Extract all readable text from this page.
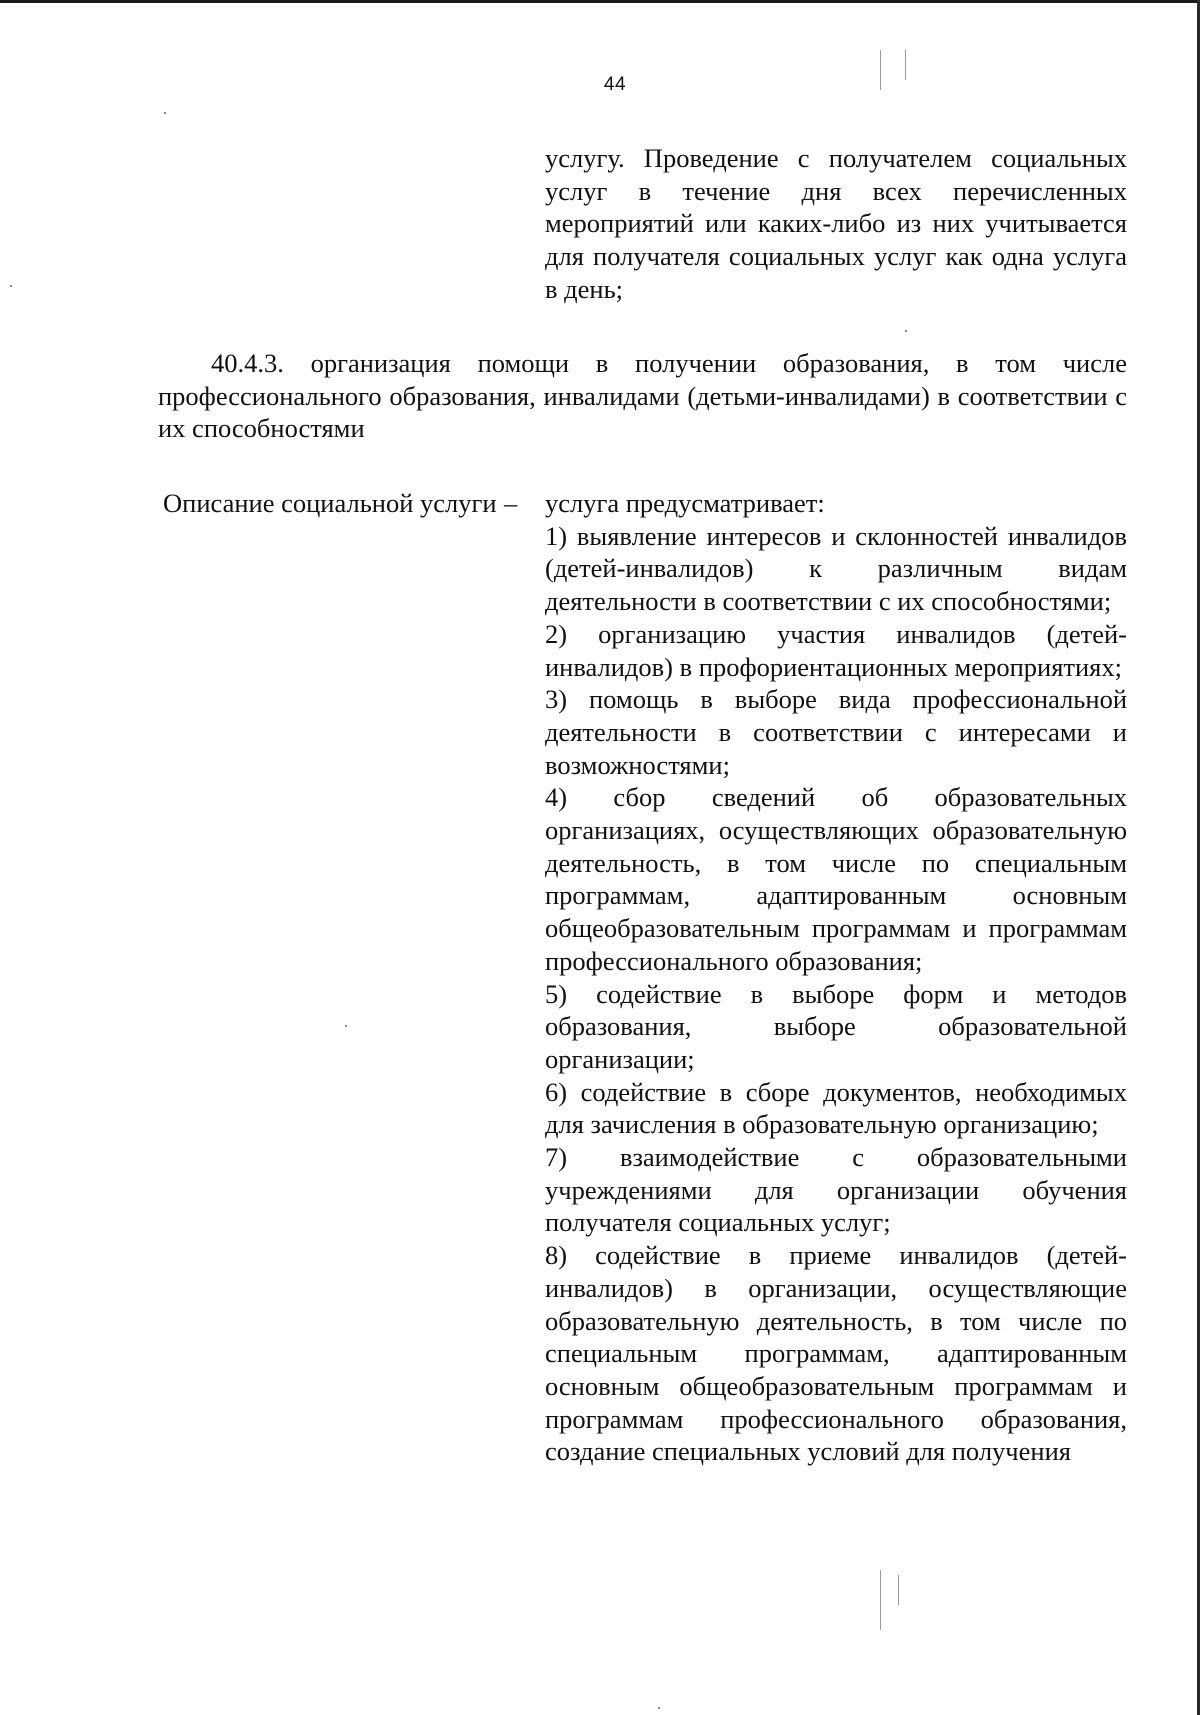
44

услугу. Проведение с получателем социальных услуг в течение дня всех перечисленных мероприятий или каких-либо из них учитывается для получателя социальных услуг как одна услуга в день;

40.4.3. организация помощи в получении образования, в том числе профессионального образования, инвалидами (детьми-инвалидами) в соответствии с их способностями

Описание социальной услуги – услуга предусматривает:

1) выявление интересов и склонностей инвалидов (детей-инвалидов) к различным видам деятельности в соответствии с их способностями;

2) организацию участия инвалидов (детей-инвалидов) в профориентационных мероприятиях;

3) помощь в выборе вида профессиональной деятельности в соответствии с интересами и возможностями;

4) сбор сведений об образовательных организациях, осуществляющих образовательную деятельность, в том числе по специальным программам, адаптированным основным общеобразовательным программам и программам профессионального образования;

5) содействие в выборе форм и методов образования, выборе образовательной организации;

6) содействие в сборе документов, необходимых для зачисления в образовательную организацию;

7) взаимодействие с образовательными учреждениями для организации обучения получателя социальных услуг;

8) содействие в приеме инвалидов (детей-инвалидов) в организации, осуществляющие образовательную деятельность, в том числе по специальным программам, адаптированным основным общеобразовательным программам и программам профессионального образования, создание специальных условий для получения
